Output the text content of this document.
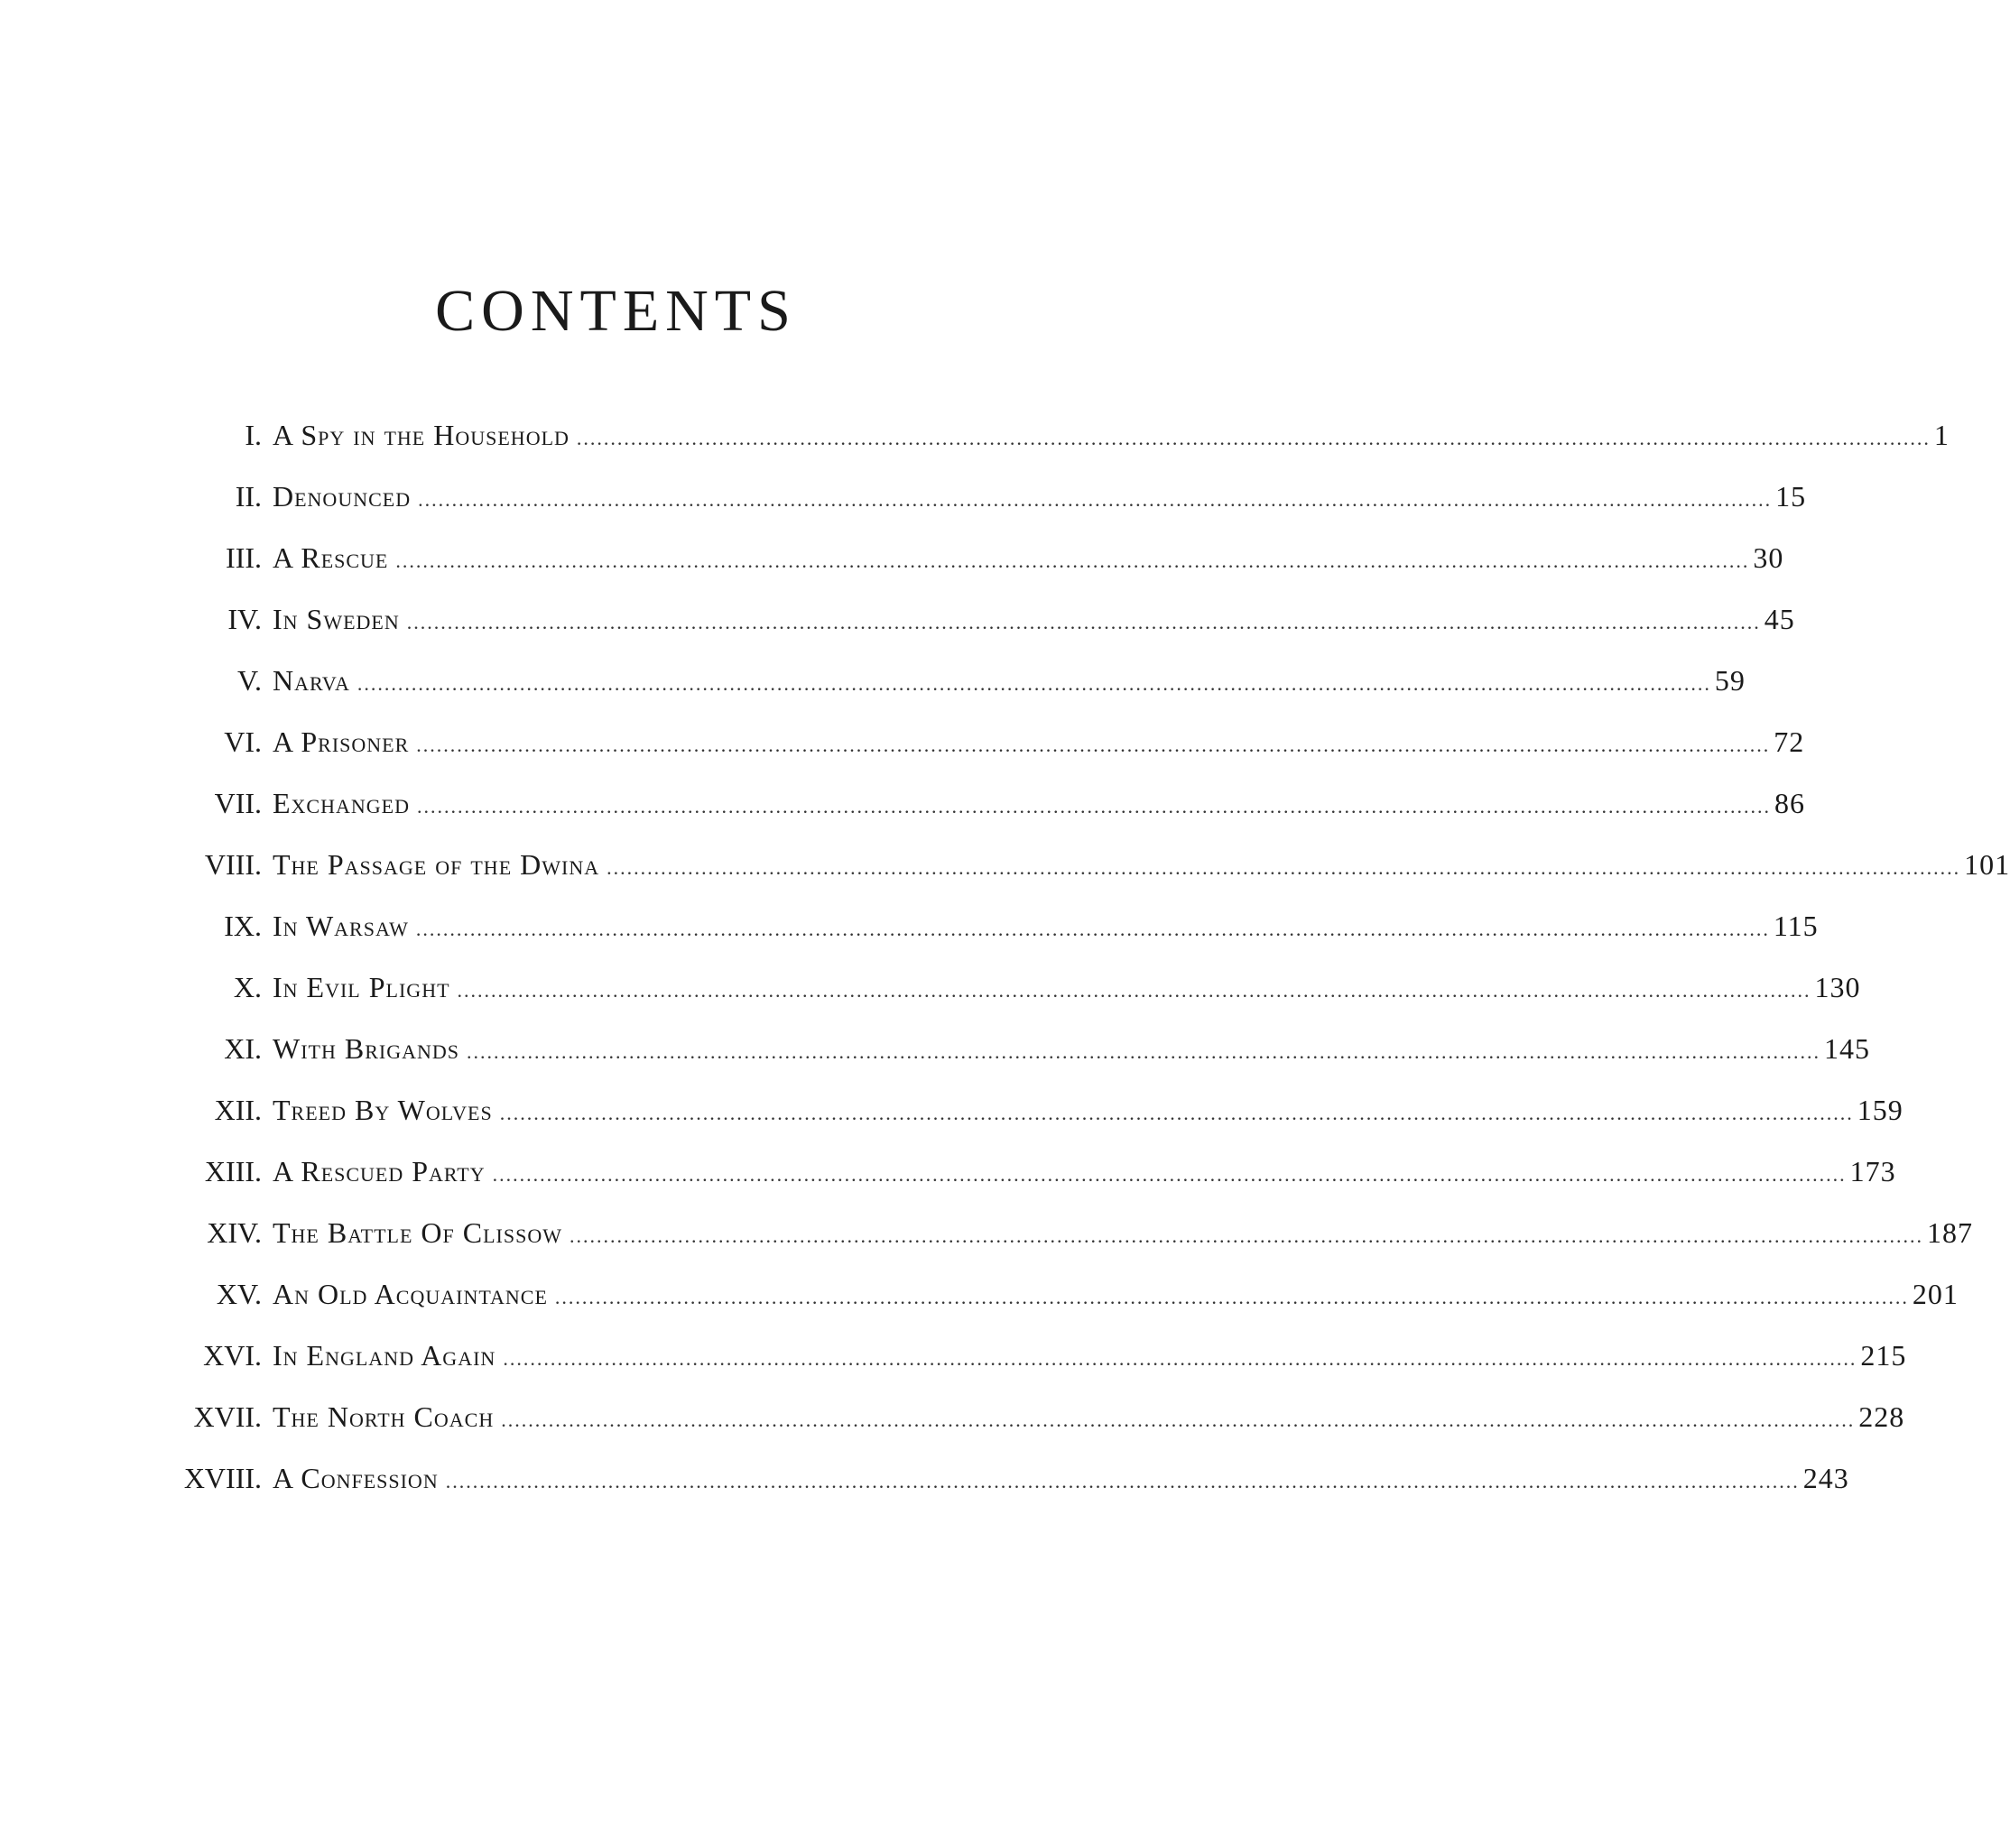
CONTENTS
I. A Spy in the Household ........................................................................................................................................................................................................ 1
II. Denounced ........................................................................................................................................................................................................ 15
III. A Rescue ........................................................................................................................................................................................................ 30
IV. In Sweden ........................................................................................................................................................................................................ 45
V. Narva ........................................................................................................................................................................................................ 59
VI. A Prisoner ........................................................................................................................................................................................................ 72
VII. Exchanged ........................................................................................................................................................................................................ 86
VIII. The Passage of the Dwina ........................................................................................................................................................................................................ 101
IX. In Warsaw ........................................................................................................................................................................................................ 115
X. In Evil Plight ........................................................................................................................................................................................................ 130
XI. With Brigands ........................................................................................................................................................................................................ 145
XII. Treed By Wolves ........................................................................................................................................................................................................ 159
XIII. A Rescued Party ........................................................................................................................................................................................................ 173
XIV. The Battle Of Clissow ........................................................................................................................................................................................................ 187
XV. An Old Acquaintance ........................................................................................................................................................................................................ 201
XVI. In England Again ........................................................................................................................................................................................................ 215
XVII. The North Coach ........................................................................................................................................................................................................ 228
XVIII. A Confession ........................................................................................................................................................................................................ 243
